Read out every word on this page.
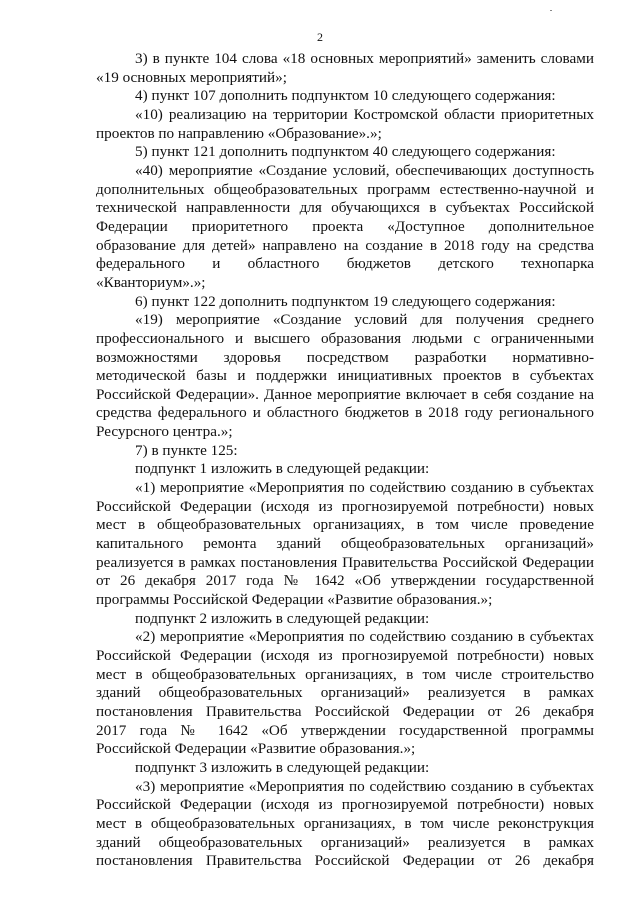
2
3) в пункте 104 слова «18 основных мероприятий» заменить словами
«19 основных мероприятий»;
4) пункт 107 дополнить подпунктом 10 следующего содержания:
«10) реализацию на территории Костромской области приоритетных
проектов по направлению «Образование».»;
5) пункт 121 дополнить подпунктом 40 следующего содержания:
«40) мероприятие «Создание условий, обеспечивающих доступность
дополнительных общеобразовательных программ естественно-научной и
технической направленности для обучающихся в субъектах Российской
Федерации приоритетного проекта «Доступное дополнительное
образование для детей» направлено на создание в 2018 году на средства
федерального и областного бюджетов детского технопарка
«Кванториум».»;
6) пункт 122 дополнить подпунктом 19 следующего содержания:
«19) мероприятие «Создание условий для получения среднего
профессионального и высшего образования людьми с ограниченными
возможностями здоровья посредством разработки нормативно-
методической базы и поддержки инициативных проектов в субъектах
Российской Федерации». Данное мероприятие включает в себя создание на
средства федерального и областного бюджетов в 2018 году регионального
Ресурсного центра.»;
7) в пункте 125:
подпункт 1 изложить в следующей редакции:
«1) мероприятие «Мероприятия по содействию созданию в субъектах
Российской Федерации (исходя из прогнозируемой потребности) новых
мест в общеобразовательных организациях, в том числе проведение
капитального ремонта зданий общеобразовательных организаций»
реализуется в рамках постановления Правительства Российской Федерации
от 26 декабря 2017 года № 1642 «Об утверждении государственной
программы Российской Федерации «Развитие образования.»;
подпункт 2 изложить в следующей редакции:
«2) мероприятие «Мероприятия по содействию созданию в субъектах
Российской Федерации (исходя из прогнозируемой потребности) новых
мест в общеобразовательных организациях, в том числе строительство
зданий общеобразовательных организаций» реализуется в рамках
постановления Правительства Российской Федерации от 26 декабря
2017 года № 1642 «Об утверждении государственной программы
Российской Федерации «Развитие образования.»;
подпункт 3 изложить в следующей редакции:
«3) мероприятие «Мероприятия по содействию созданию в субъектах
Российской Федерации (исходя из прогнозируемой потребности) новых
мест в общеобразовательных организациях, в том числе реконструкция
зданий общеобразовательных организаций» реализуется в рамках
постановления Правительства Российской Федерации от 26 декабря
